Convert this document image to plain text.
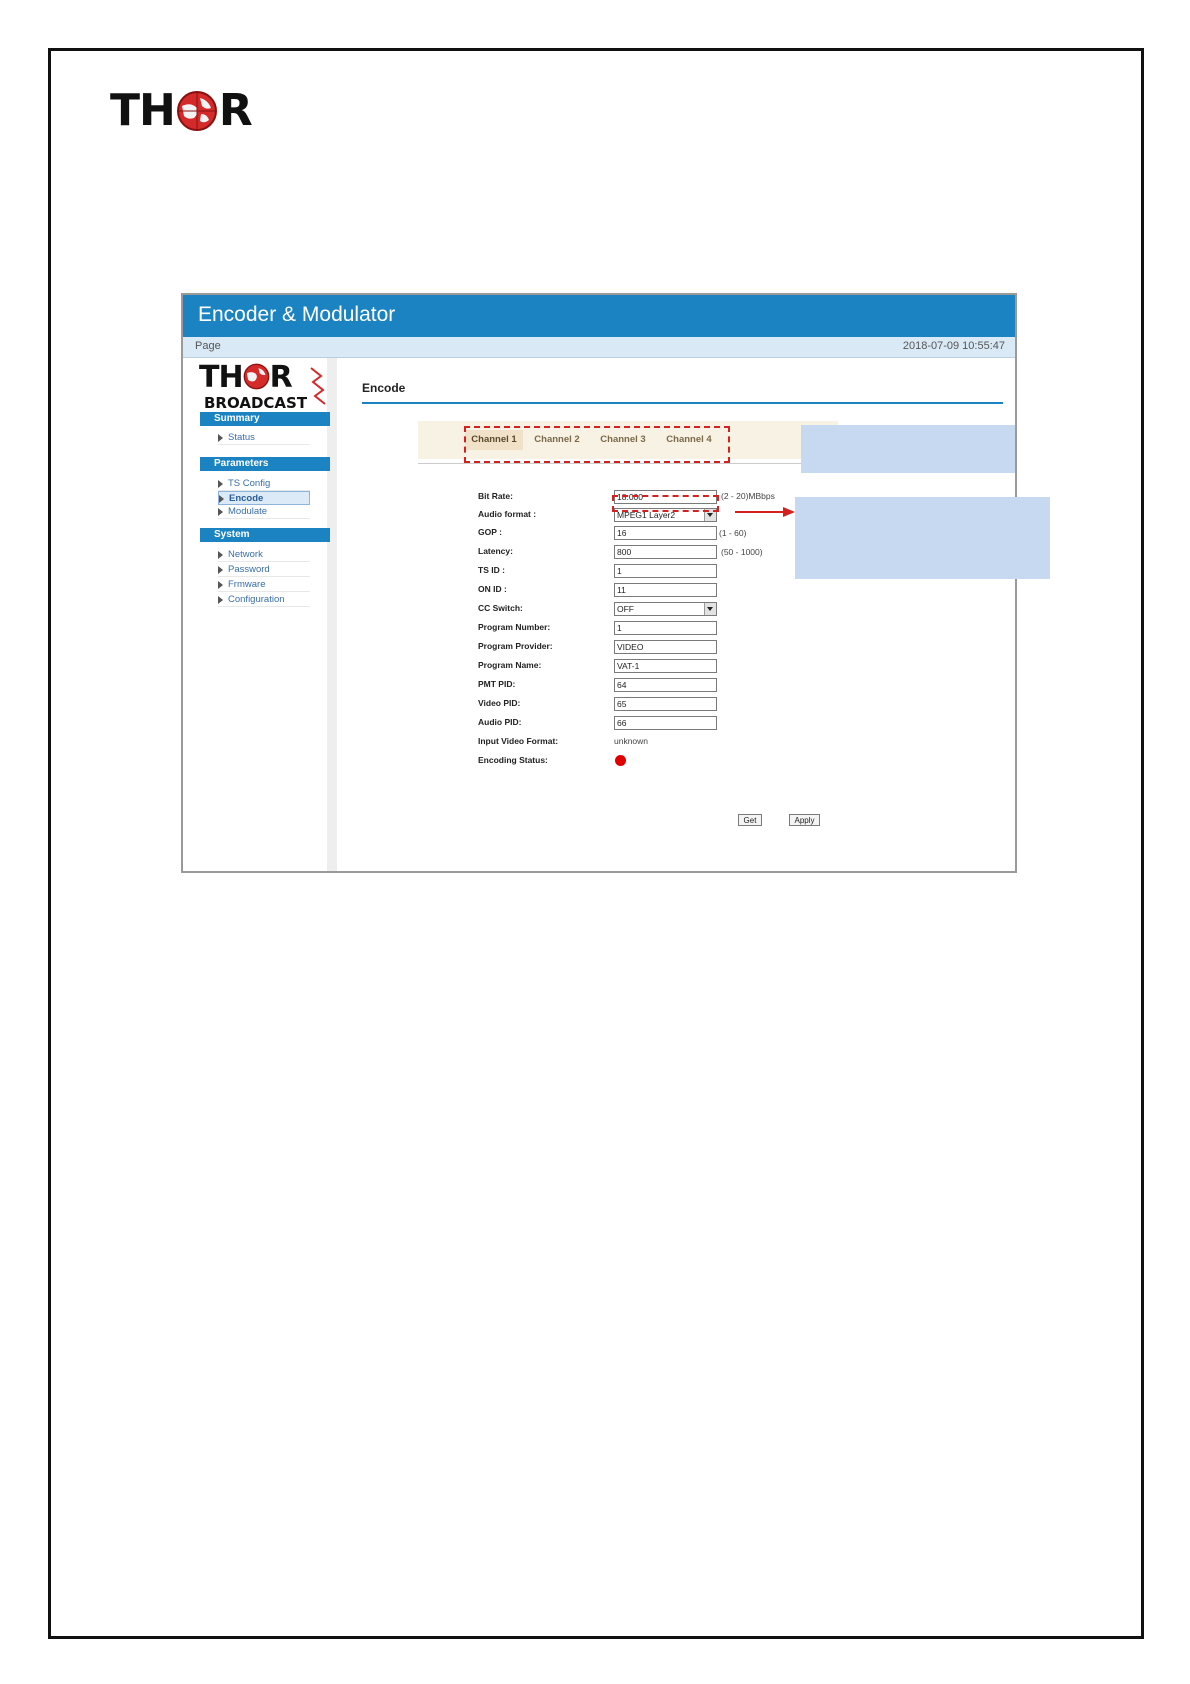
TH R
Encoder & Modulator
Page	2018-07-09 10:55:47
TH R
BROADCAST
Summary
Status
Parameters
TS Config
Encode
Modulate
System
Network
Password
Frmware
Configuration
Encode
Channel 1	Channel 2	Channel 3	Channel 4
Bit Rate:
18.000	(2 - 20)MBbps
Audio format :	MPEG1 Layer2
GOP :
16	(1 - 60)
Latency:
800	(50 - 1000)
TS ID :
1
ON ID :
11
CC Switch:	OFF
Program Number:
1
Program Provider:
VIDEO
Program Name:
VAT-1
PMT PID:
64
Video PID:
65
Audio PID:
66
Input Video Format:	unknown
Encoding Status:
Get	Apply
